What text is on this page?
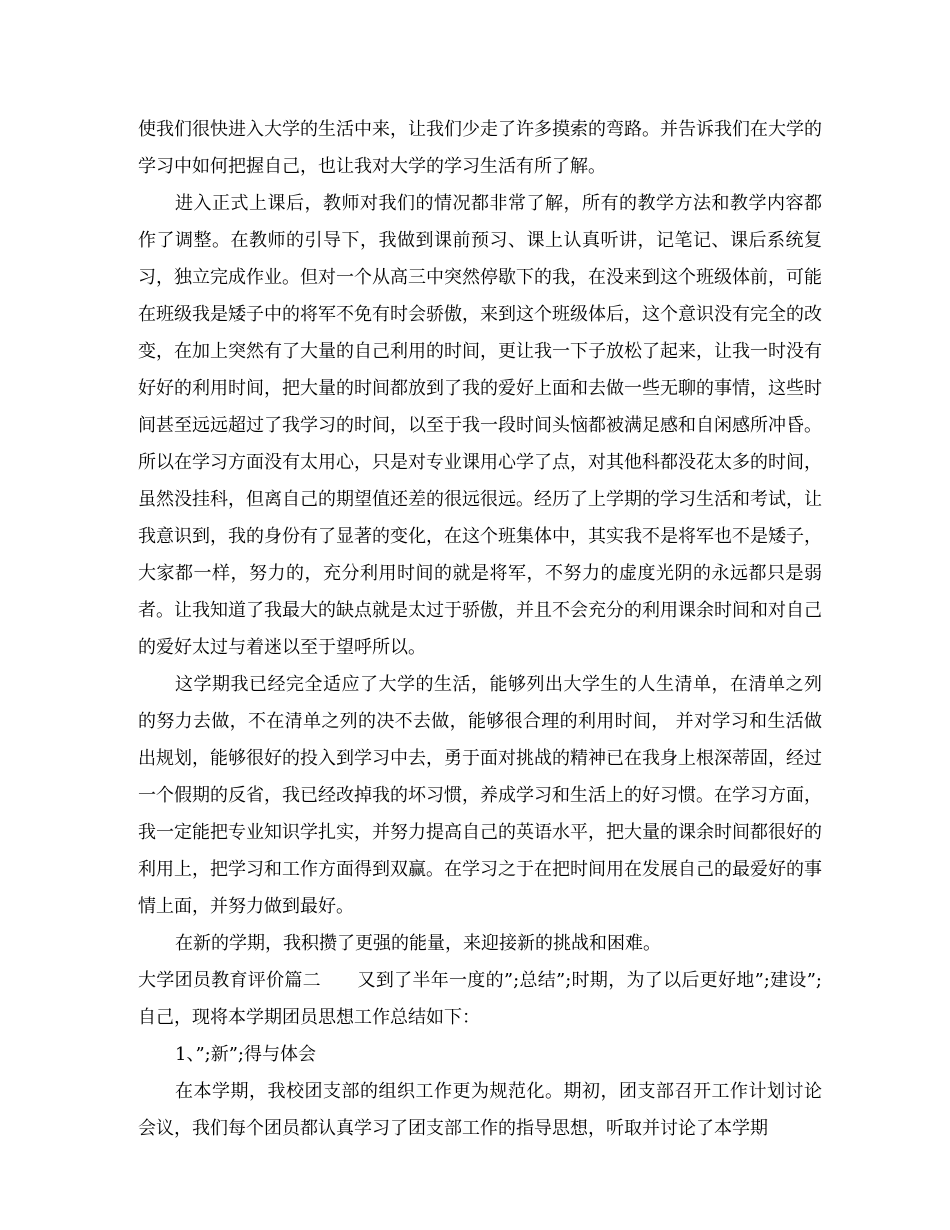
使我们很快进入大学的生活中来，让我们少走了许多摸索的弯路。并告诉我们在大学的学习中如何把握自己，也让我对大学的学习生活有所了解。

进入正式上课后，教师对我们的情况都非常了解，所有的教学方法和教学内容都作了调整。在教师的引导下，我做到课前预习、课上认真听讲，记笔记、课后系统复习，独立完成作业。但对一个从高三中突然停歇下的我，在没来到这个班级体前，可能在班级我是矮子中的将军不免有时会骄傲，来到这个班级体后，这个意识没有完全的改变，在加上突然有了大量的自己利用的时间，更让我一下子放松了起来，让我一时没有好好的利用时间，把大量的时间都放到了我的爱好上面和去做一些无聊的事情，这些时间甚至远远超过了我学习的时间，以至于我一段时间头恼都被满足感和自闲感所冲昏。所以在学习方面没有太用心，只是对专业课用心学了点，对其他科都没花太多的时间，虽然没挂科，但离自己的期望值还差的很远很远。经历了上学期的学习生活和考试，让我意识到，我的身份有了显著的变化，在这个班集体中，其实我不是将军也不是矮子，大家都一样，努力的，充分利用时间的就是将军，不努力的虚度光阴的永远都只是弱者。让我知道了我最大的缺点就是太过于骄傲，并且不会充分的利用课余时间和对自己的爱好太过与着迷以至于望呼所以。

这学期我已经完全适应了大学的生活，能够列出大学生的人生清单，在清单之列的努力去做，不在清单之列的决不去做，能够很合理的利用时间， 并对学习和生活做出规划，能够很好的投入到学习中去，勇于面对挑战的精神已在我身上根深蒂固，经过一个假期的反省，我已经改掉我的坏习惯，养成学习和生活上的好习惯。在学习方面，我一定能把专业知识学扎实，并努力提高自己的英语水平，把大量的课余时间都很好的利用上，把学习和工作方面得到双赢。在学习之于在把时间用在发展自己的最爱好的事情上面，并努力做到最好。

在新的学期，我积攒了更强的能量，来迎接新的挑战和困难。

大学团员教育评价篇二　　又到了半年一度的”;总结”;时期，为了以后更好地”;建设”;自己，现将本学期团员思想工作总结如下：

1、”;新”;得与体会

在本学期，我校团支部的组织工作更为规范化。期初，团支部召开工作计划讨论会议，我们每个团员都认真学习了团支部工作的指导思想，听取并讨论了本学期
